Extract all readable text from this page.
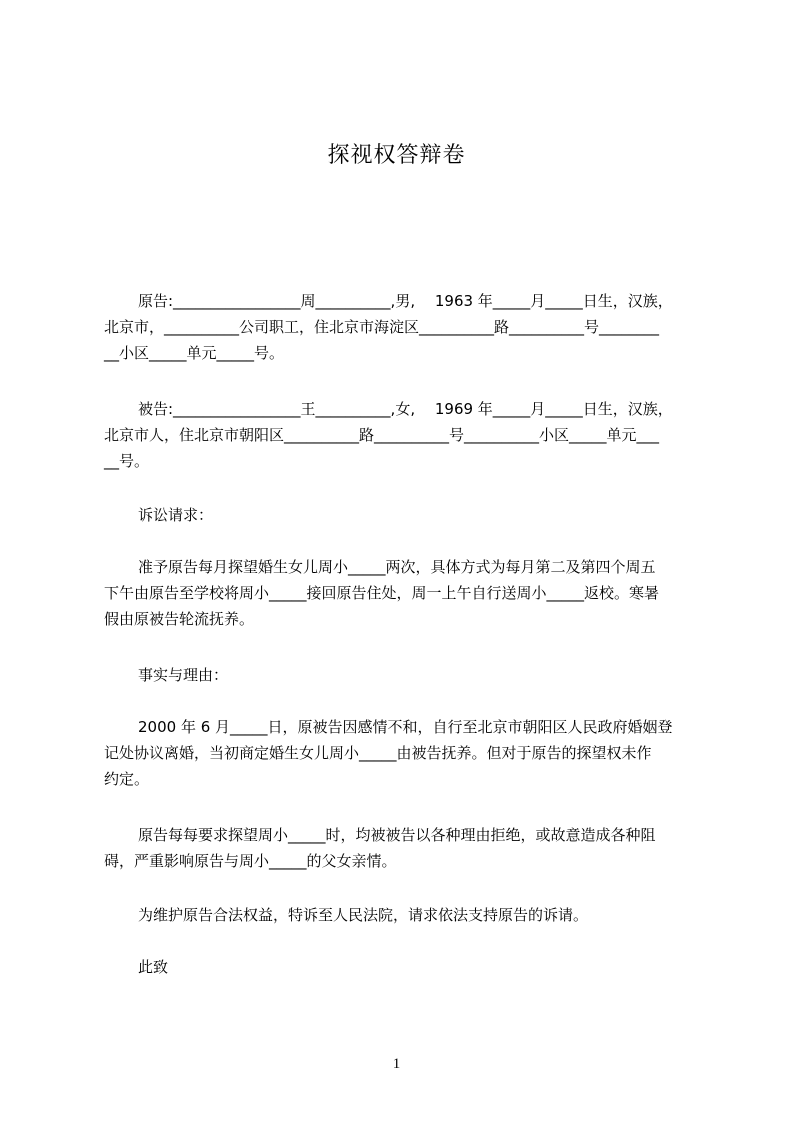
探视权答辩卷
原告:_________________周__________,男,　 1963 年_____月_____日生，汉族，
北京市，__________公司职工，住北京市海淀区__________路__________号________
__小区_____单元_____号。
被告:_________________王__________,女,　 1969 年_____月_____日生，汉族，
北京市人，住北京市朝阳区__________路__________号__________小区_____单元___
__号。
诉讼请求：
准予原告每月探望婚生女儿周小_____两次，具体方式为每月第二及第四个周五
下午由原告至学校将周小_____接回原告住处，周一上午自行送周小_____返校。寒暑
假由原被告轮流抚养。
事实与理由：
2000 年 6 月_____日，原被告因感情不和，自行至北京市朝阳区人民政府婚姻登
记处协议离婚，当初商定婚生女儿周小_____由被告抚养。但对于原告的探望权未作
约定。
原告每每要求探望周小_____时，均被被告以各种理由拒绝，或故意造成各种阻
碍，严重影响原告与周小_____的父女亲情。
为维护原告合法权益，特诉至人民法院，请求依法支持原告的诉请。
此致
1
